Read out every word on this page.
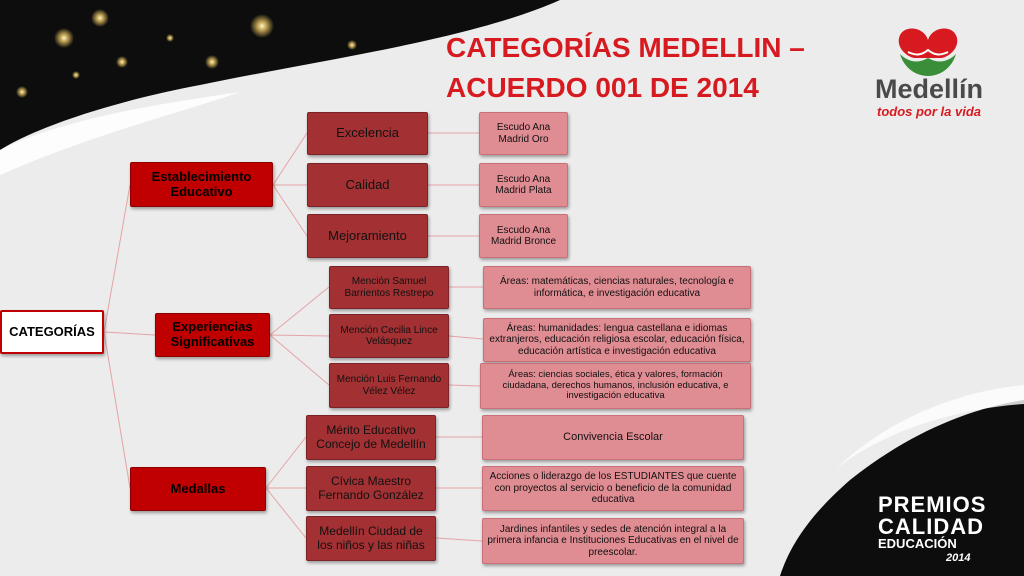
CATEGORÍAS MEDELLIN –
ACUERDO 001 DE 2014	Medellín
todos por la vida
PREMIOS
CALIDAD
EDUCACIÓN
2014
CATEGORÍAS
Establecimiento Educativo
Experiencias Significativas
Medallas
Excelencia
Calidad
Mejoramiento
Mención Samuel Barrientos Restrepo
Mención Cecilia Lince Velásquez
Mención Luis Fernando Vélez Vélez
Mérito Educativo Concejo de Medellín
Cívica Maestro Fernando González
Medellín Ciudad de los niños y las niñas
Escudo Ana Madrid Oro
Escudo Ana Madrid Plata
Escudo Ana Madrid Bronce
Áreas: matemáticas, ciencias naturales, tecnología e informática, e investigación educativa
Áreas: humanidades: lengua castellana e idiomas extranjeros, educación religiosa escolar, educación física, educación artística e investigación educativa
Áreas: ciencias sociales, ética y valores, formación ciudadana, derechos humanos, inclusión educativa, e investigación educativa
Convivencia Escolar
Acciones o liderazgo de los ESTUDIANTES que cuente con proyectos al servicio o beneficio de la comunidad educativa
Jardines infantiles y sedes de atención integral a la primera infancia e Instituciones Educativas en el nivel de preescolar.
